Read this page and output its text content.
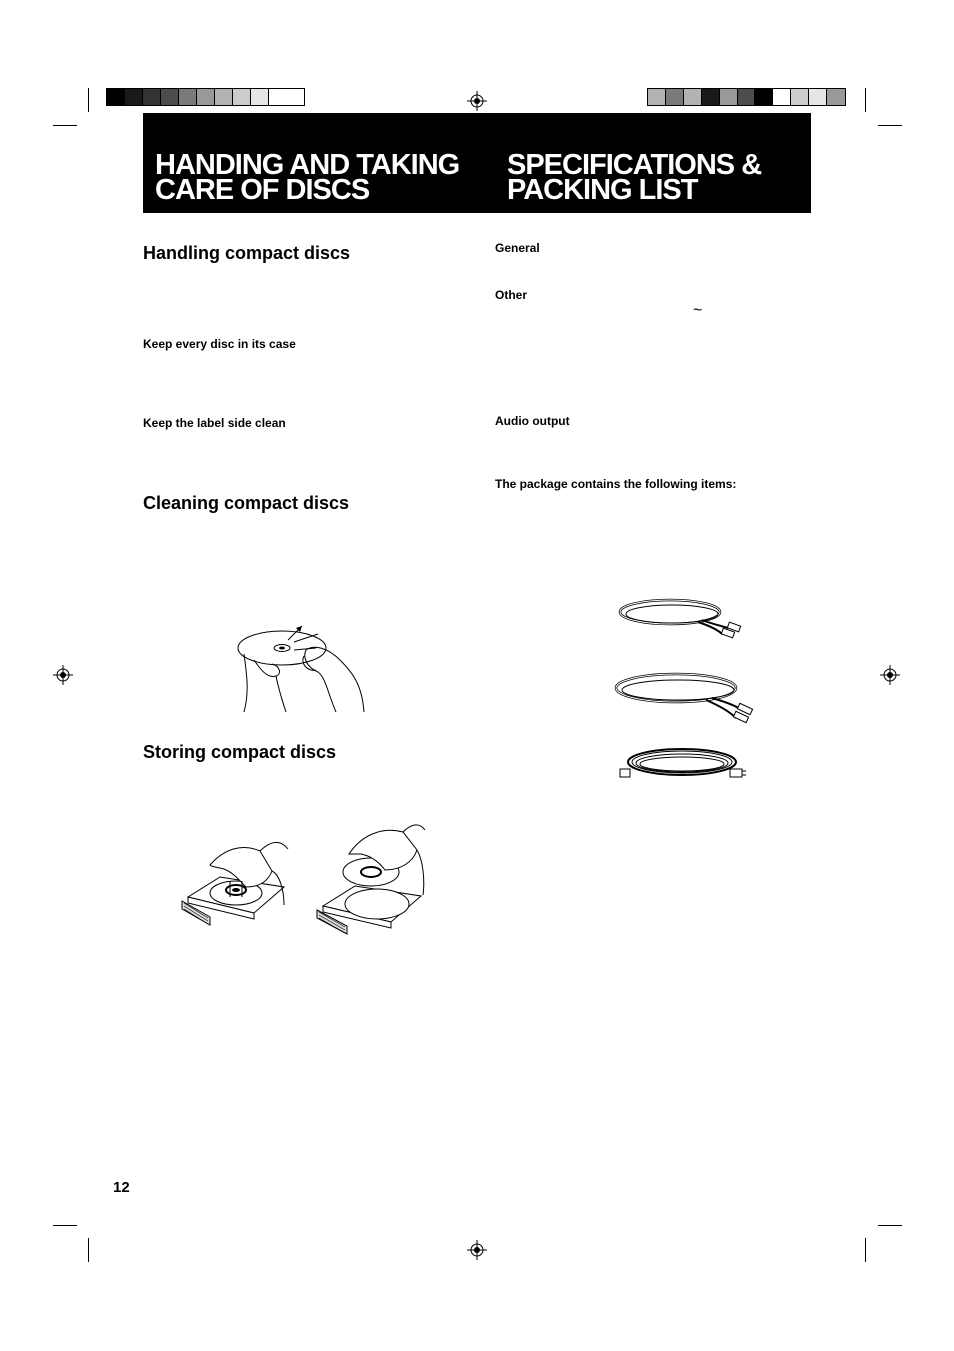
HANDING AND TAKING
CARE OF DISCS
SPECIFICATIONS &
PACKING LIST
Handling compact discs

Keep every disc in its case

Keep the label side clean

Cleaning compact discs
Storing compact discs

General

Other

~

Audio output

The package contains the following items:

12
